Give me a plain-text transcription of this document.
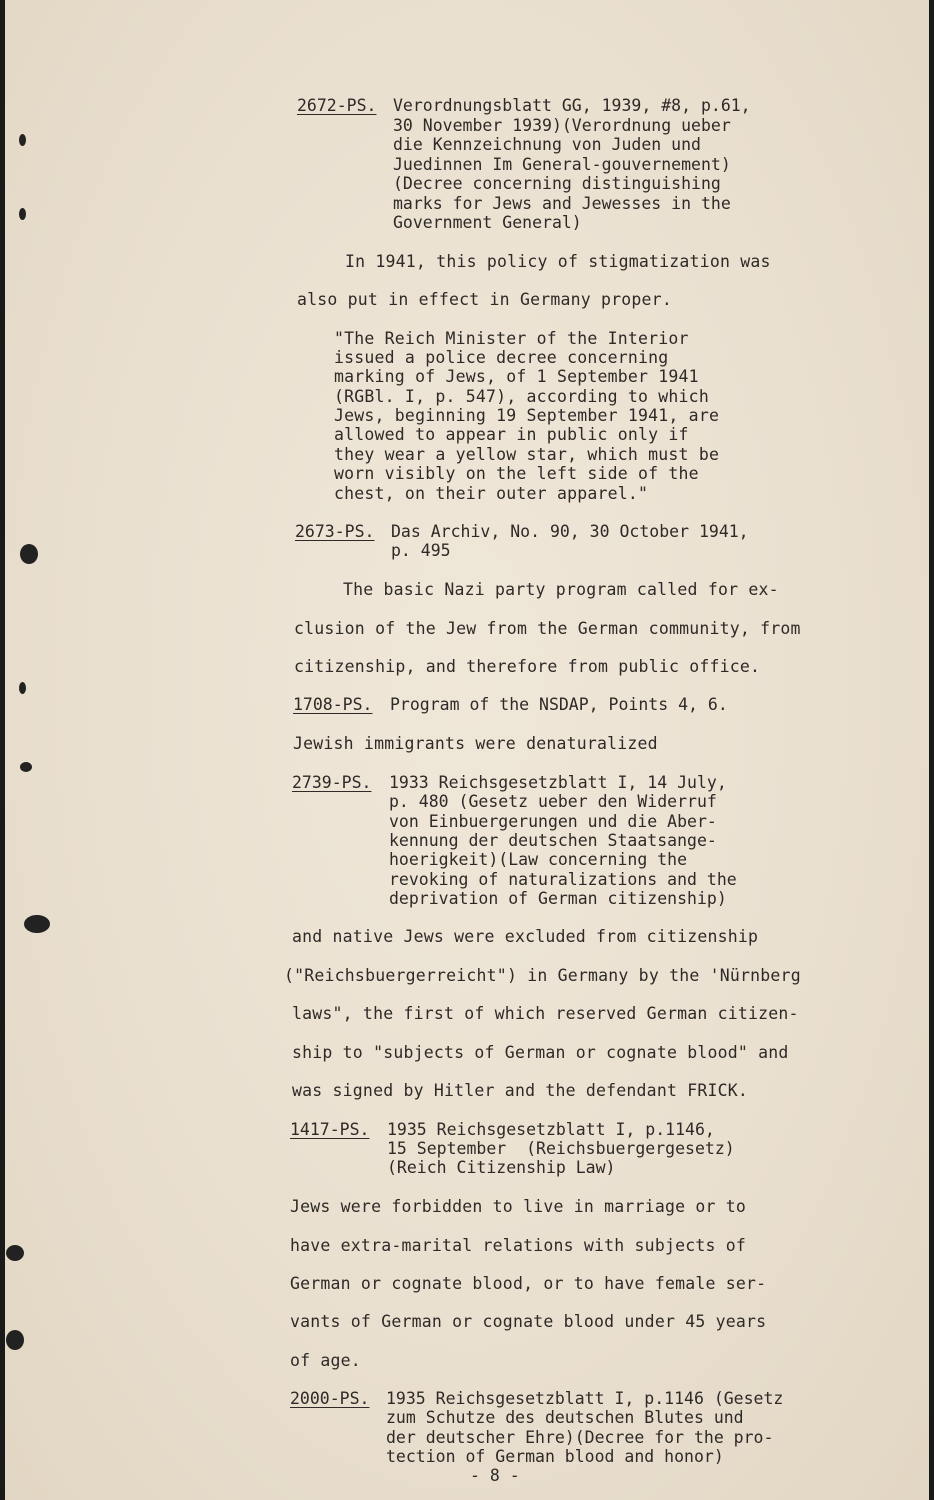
2672-PS. Verordnungsblatt GG, 1939, #8, p.61,
30 November 1939)(Verordnung ueber
die Kennzeichnung von Juden und
Juedinnen Im General-gouvernement)
(Decree concerning distinguishing
marks for Jews and Jewesses in the
Government General)
In 1941, this policy of stigmatization was
also put in effect in Germany proper.
"The Reich Minister of the Interior
issued a police decree concerning
marking of Jews, of 1 September 1941
(RGBl. I, p. 547), according to which
Jews, beginning 19 September 1941, are
allowed to appear in public only if
they wear a yellow star, which must be
worn visibly on the left side of the
chest, on their outer apparel."
2673-PS. Das Archiv, No. 90, 30 October 1941,
p. 495
The basic Nazi party program called for ex-
clusion of the Jew from the German community, from
citizenship, and therefore from public office.
1708-PS. Program of the NSDAP, Points 4, 6.
Jewish immigrants were denaturalized
2739-PS. 1933 Reichsgesetzblatt I, 14 July,
p. 480 (Gesetz ueber den Widerruf
von Einbuergerungen und die Aber-
kennung der deutschen Staatsange-
hoerigkeit)(Law concerning the
revoking of naturalizations and the
deprivation of German citizenship)
and native Jews were excluded from citizenship
("Reichsbuergerreicht") in Germany by the 'Nürnberg
laws", the first of which reserved German citizen-
ship to "subjects of German or cognate blood" and
was signed by Hitler and the defendant FRICK.
1417-PS. 1935 Reichsgesetzblatt I, p.1146,
15 September  (Reichsbuergergesetz)
(Reich Citizenship Law)
Jews were forbidden to live in marriage or to
have extra-marital relations with subjects of
German or cognate blood, or to have female ser-
vants of German or cognate blood under 45 years
of age.
2000-PS. 1935 Reichsgesetzblatt I, p.1146 (Gesetz
zum Schutze des deutschen Blutes und
der deutscher Ehre)(Decree for the pro-
tection of German blood and honor)
- 8 -
